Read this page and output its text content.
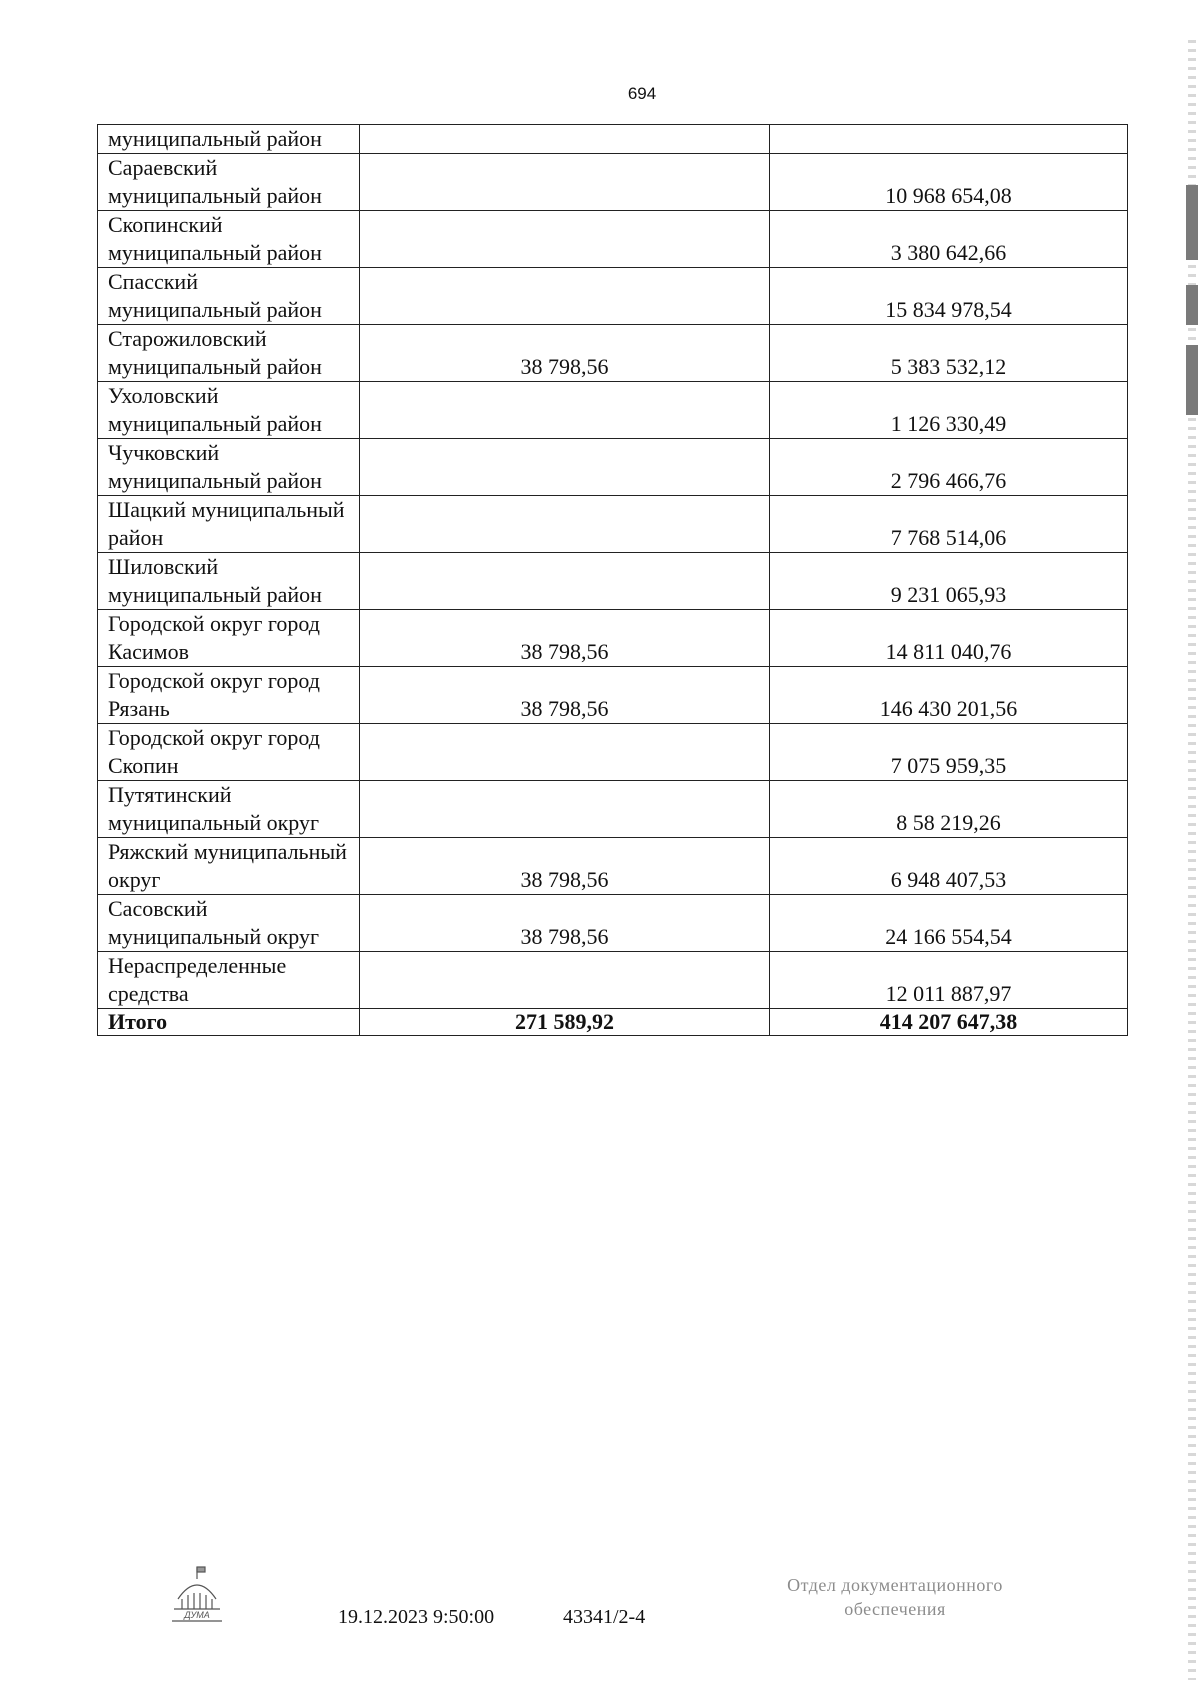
694
муниципальный район		
Сараевский муниципальный район		10 968 654,08
Скопинский муниципальный район		3 380 642,66
Спасский муниципальный район		15 834 978,54
Старожиловский муниципальный район	38 798,56	5 383 532,12
Ухоловский муниципальный район		1 126 330,49
Чучковский муниципальный район		2 796 466,76
Шацкий муниципальный район		7 768 514,06
Шиловский муниципальный район		9 231 065,93
Городской округ город Касимов	38 798,56	14 811 040,76
Городской округ город Рязань	38 798,56	146 430 201,56
Городской округ город Скопин		7 075 959,35
Путятинский муниципальный округ		8 58 219,26
Ряжский муниципальный округ	38 798,56	6 948 407,53
Сасовский муниципальный округ	38 798,56	24 166 554,54
Нераспределенные средства		12 011 887,97
Итого	271 589,92	414 207 647,38
ДУМА	19.12.2023 9:50:00	43341/2-4
Отдел документационного
обеспечения
